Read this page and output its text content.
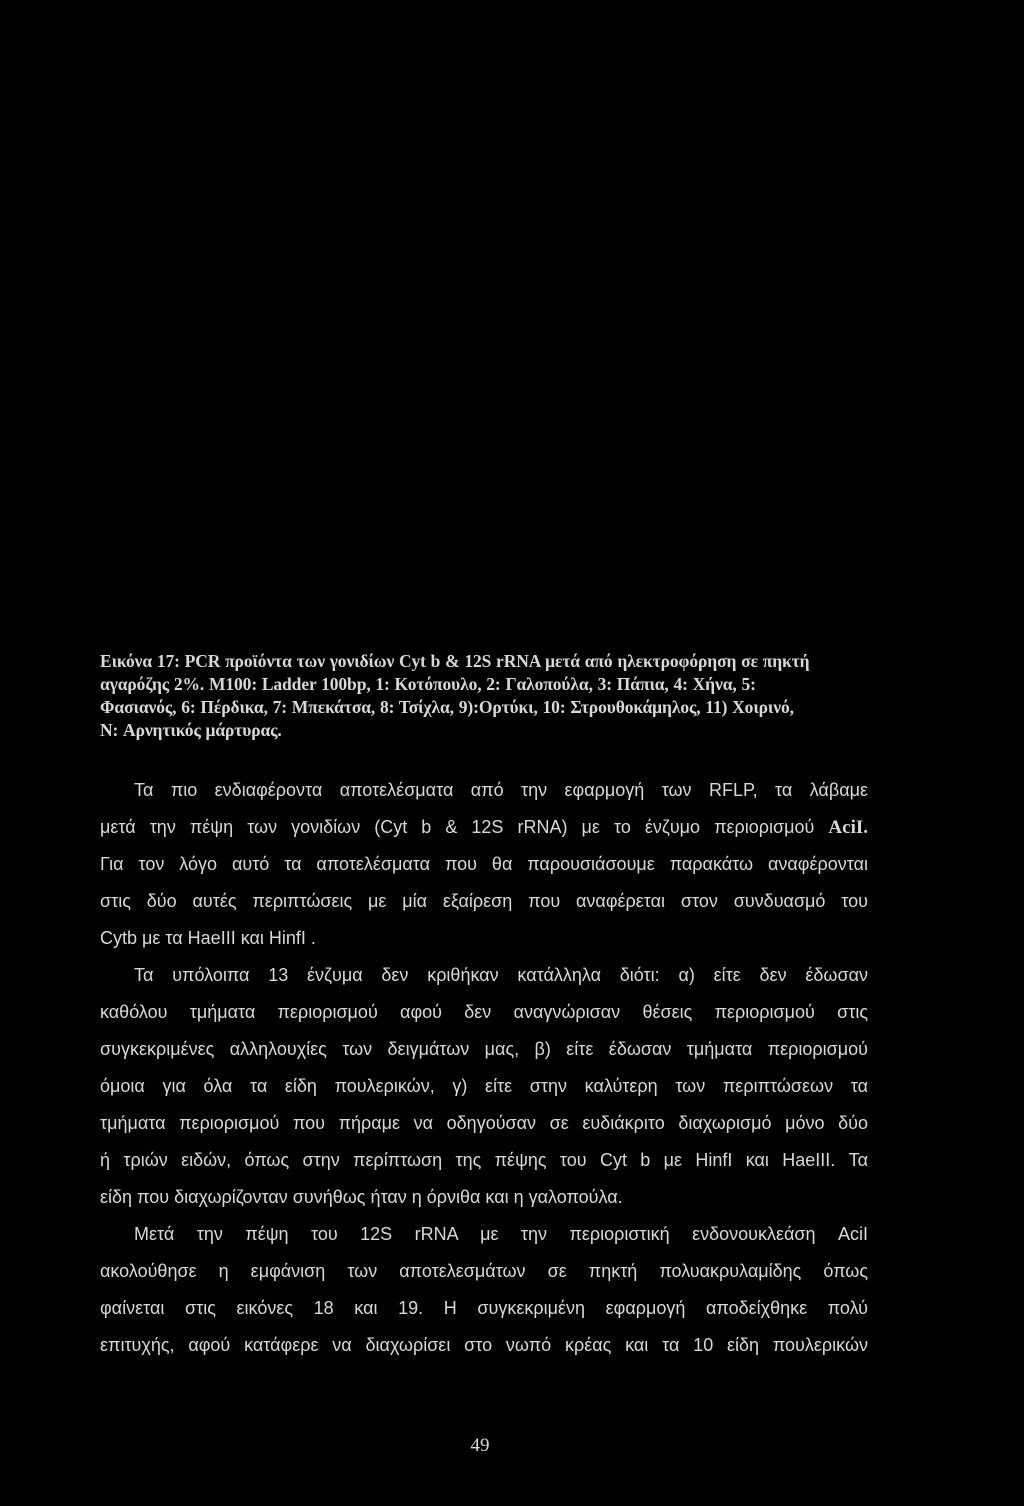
Εικόνα 17: PCR προϊόντα των γονιδίων Cyt b & 12S rRNA μετά από ηλεκτροφόρηση σε πηκτή
αγαρόζης 2%. M100: Ladder 100bp, 1: Κοτόπουλο, 2: Γαλοπούλα, 3: Πάπια, 4: Χήνα, 5:
Φασιανός, 6: Πέρδικα, 7: Μπεκάτσα, 8: Τσίχλα, 9):Ορτύκι, 10: Στρουθοκάμηλος, 11) Χοιρινό,
N: Αρνητικός μάρτυρας.
Τα πιο ενδιαφέροντα αποτελέσματα από την εφαρμογή των RFLP, τα λάβαμε
μετά την πέψη των γονιδίων (Cyt b & 12S rRNA) με το ένζυμο περιορισμού AciI.
Για τον λόγο αυτό τα αποτελέσματα που θα παρουσιάσουμε παρακάτω αναφέρονται
στις δύο αυτές περιπτώσεις με μία εξαίρεση που αναφέρεται στον συνδυασμό του
Cytb με τα HaeIII και HinfI .
Τα υπόλοιπα 13 ένζυμα δεν κριθήκαν κατάλληλα διότι: α) είτε δεν έδωσαν
καθόλου τμήματα περιορισμού αφού δεν αναγνώρισαν θέσεις περιορισμού στις
συγκεκριμένες αλληλουχίες των δειγμάτων μας, β) είτε έδωσαν τμήματα περιορισμού
όμοια για όλα τα είδη πουλερικών, γ) είτε στην καλύτερη των περιπτώσεων τα
τμήματα περιορισμού που πήραμε να οδηγούσαν σε ευδιάκριτο διαχωρισμό μόνο δύο
ή τριών ειδών, όπως στην περίπτωση της πέψης του Cyt b με HinfI και HaeIII. Τα
είδη που διαχωρίζονταν συνήθως ήταν η όρνιθα και η γαλοπούλα.
Μετά την πέψη του 12S rRNA με την περιοριστική ενδονουκλεάση AciI
ακολούθησε η εμφάνιση των αποτελεσμάτων σε πηκτή πολυακρυλαμίδης όπως
φαίνεται στις εικόνες 18 και 19. Η συγκεκριμένη εφαρμογή αποδείχθηκε πολύ
επιτυχής, αφού κατάφερε να διαχωρίσει στο νωπό κρέας και τα 10 είδη πουλερικών
49
